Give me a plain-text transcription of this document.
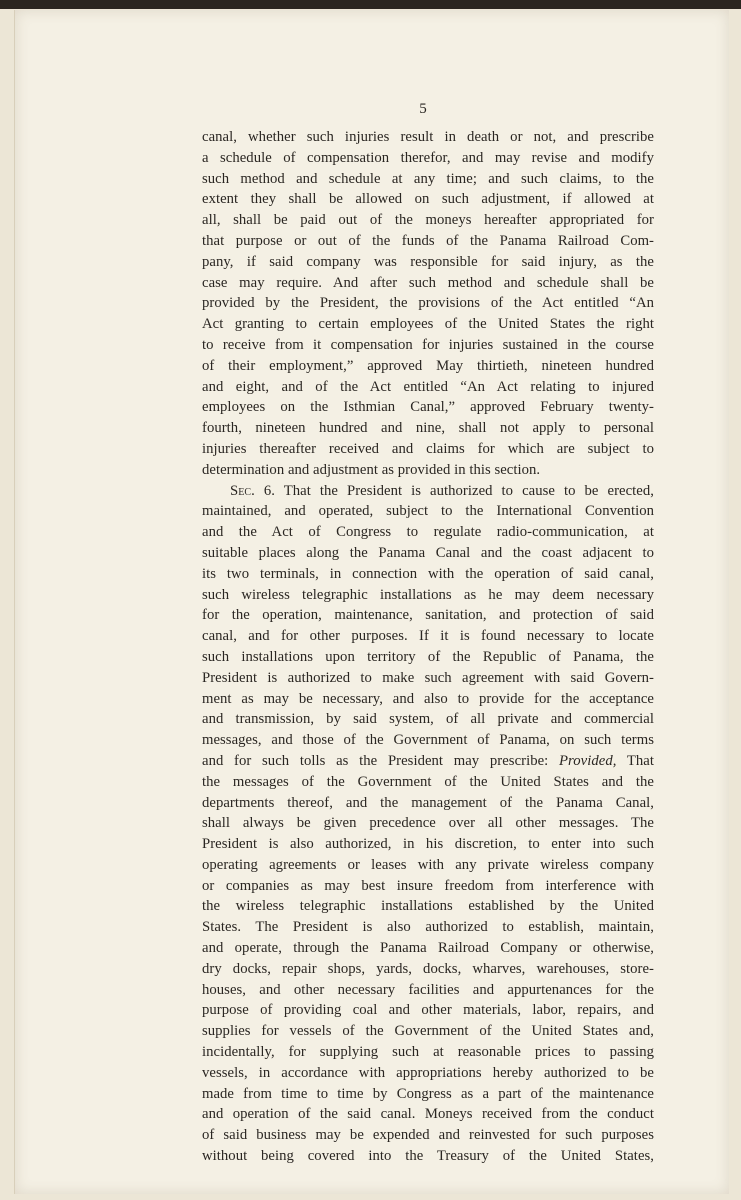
5
canal, whether such injuries result in death or not, and prescribe
a schedule of compensation therefor, and may revise and modify
such method and schedule at any time; and such claims, to the
extent they shall be allowed on such adjustment, if allowed at
all, shall be paid out of the moneys hereafter appropriated for
that purpose or out of the funds of the Panama Railroad Com-
pany, if said company was responsible for said injury, as the
case may require. And after such method and schedule shall be
provided by the President, the provisions of the Act entitled “An
Act granting to certain employees of the United States the right
to receive from it compensation for injuries sustained in the course
of their employment,” approved May thirtieth, nineteen hundred
and eight, and of the Act entitled “An Act relating to injured
employees on the Isthmian Canal,” approved February twenty-
fourth, nineteen hundred and nine, shall not apply to personal
injuries thereafter received and claims for which are subject to
determination and adjustment as provided in this section.
Sec. 6. That the President is authorized to cause to be erected,
maintained, and operated, subject to the International Convention
and the Act of Congress to regulate radio-communication, at
suitable places along the Panama Canal and the coast adjacent to
its two terminals, in connection with the operation of said canal,
such wireless telegraphic installations as he may deem necessary
for the operation, maintenance, sanitation, and protection of said
canal, and for other purposes. If it is found necessary to locate
such installations upon territory of the Republic of Panama, the
President is authorized to make such agreement with said Govern-
ment as may be necessary, and also to provide for the acceptance
and transmission, by said system, of all private and commercial
messages, and those of the Government of Panama, on such terms
and for such tolls as the President may prescribe: Provided, That
the messages of the Government of the United States and the
departments thereof, and the management of the Panama Canal,
shall always be given precedence over all other messages. The
President is also authorized, in his discretion, to enter into such
operating agreements or leases with any private wireless company
or companies as may best insure freedom from interference with
the wireless telegraphic installations established by the United
States. The President is also authorized to establish, maintain,
and operate, through the Panama Railroad Company or otherwise,
dry docks, repair shops, yards, docks, wharves, warehouses, store-
houses, and other necessary facilities and appurtenances for the
purpose of providing coal and other materials, labor, repairs, and
supplies for vessels of the Government of the United States and,
incidentally, for supplying such at reasonable prices to passing
vessels, in accordance with appropriations hereby authorized to be
made from time to time by Congress as a part of the maintenance
and operation of the said canal. Moneys received from the conduct
of said business may be expended and reinvested for such purposes
without being covered into the Treasury of the United States,
